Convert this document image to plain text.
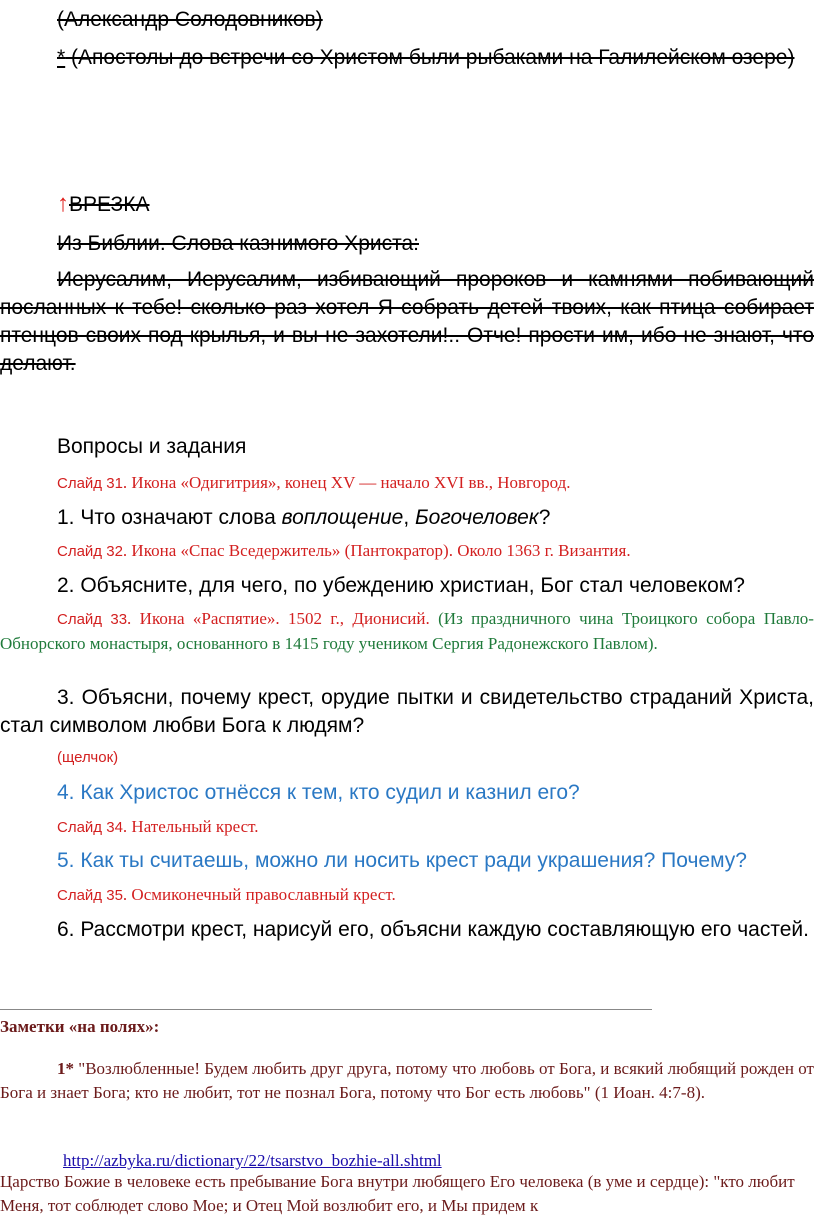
(Александр Солодовников)

* (Апостолы до встречи со Христом были рыбаками на Галилейском озере)

↑ВРЕЗКА

Из Библии. Слова казнимого Христа:

Иерусалим, Иерусалим, избивающий пророков и камнями побивающий посланных к тебе! сколько раз хотел Я собрать детей твоих, как птица собирает птенцов своих под крылья, и вы не захотели!.. Отче! прости им, ибо не знают, что делают.

Вопросы и задания

Слайд 31. Икона «Одигитрия», конец XV — начало XVI вв., Новгород.

1. Что означают слова воплощение, Богочеловек?

Слайд 32. Икона «Спас Вседержитель» (Пантократор). Около 1363 г. Византия.

2. Объясните, для чего, по убеждению христиан, Бог стал человеком?

Слайд 33. Икона «Распятие». 1502 г., Дионисий. (Из праздничного чина Троицкого собора Павло-Обнорского монастыря, основанного в 1415 году учеником Сергия Радонежского Павлом).

3. Объясни, почему крест, орудие пытки и свидетельство страданий Христа, стал символом любви Бога к людям?

(щелчок)

4. Как Христос отнёсся к тем, кто судил и казнил его?

Слайд 34. Нательный крест.

5. Как ты считаешь, можно ли носить крест ради украшения? Почему?

Слайд 35. Осмиконечный православный крест.

6. Рассмотри крест, нарисуй его, объясни каждую составляющую его частей.

Заметки «на полях»:

1* "Возлюбленные! Будем любить друг друга, потому что любовь от Бога, и всякий любящий рожден от Бога и знает Бога; кто не любит, тот не познал Бога, потому что Бог есть любовь" (1 Иоан. 4:7-8).

http://azbyka.ru/dictionary/22/tsarstvo_bozhie-all.shtml

Царство Божие в человеке есть пребывание Бога внутри любящего Его человека (в уме и сердце): "кто любит Меня, тот соблюдет слово Мое; и Отец Мой возлюбит его, и Мы придем к
